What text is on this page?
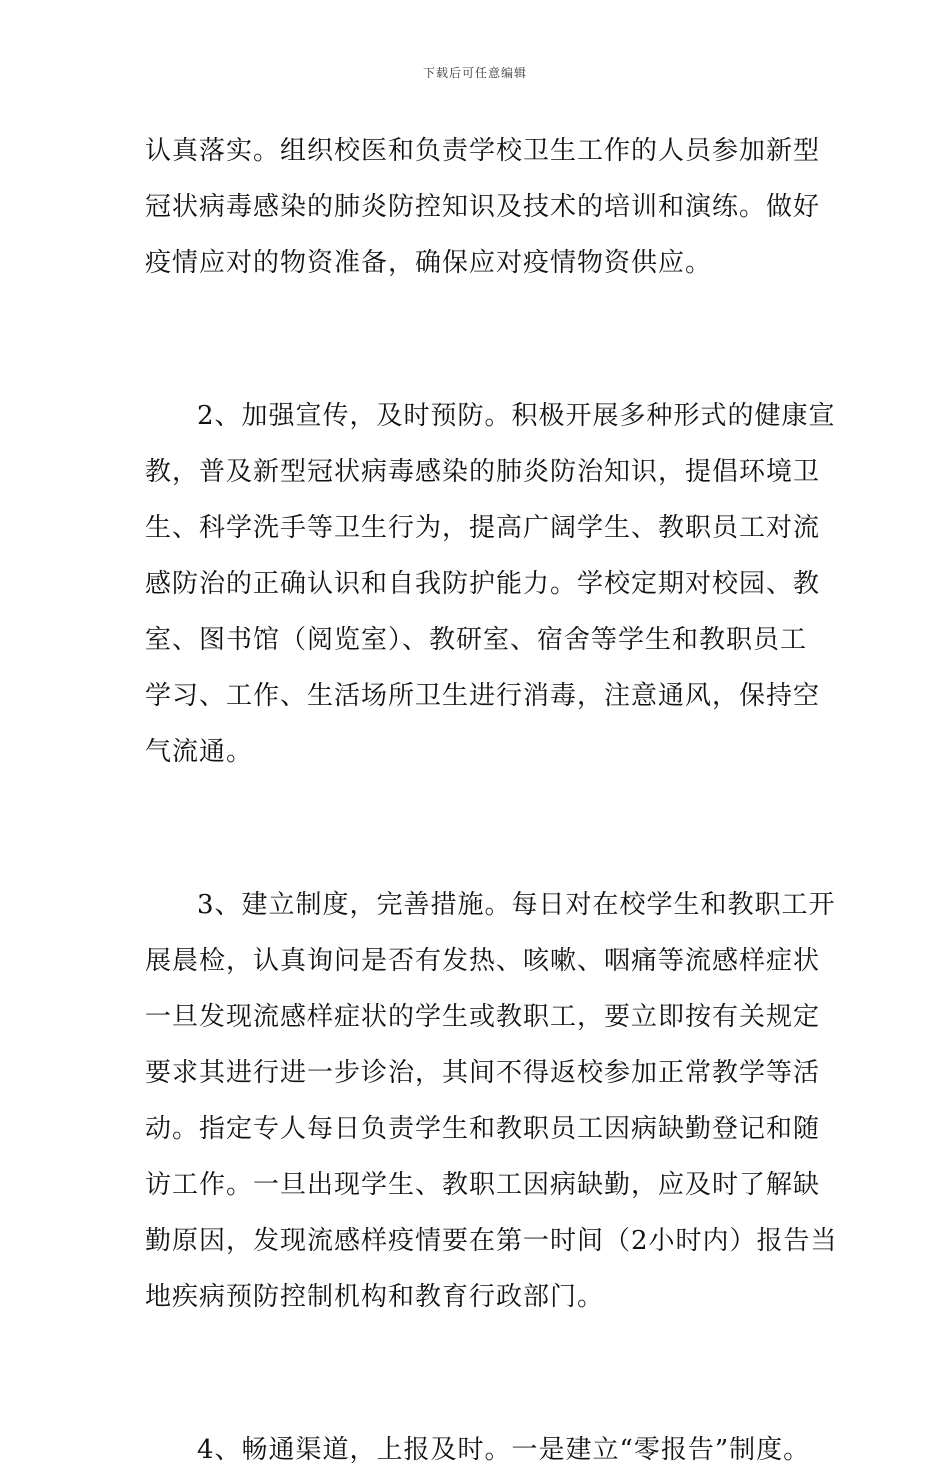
下载后可任意编辑
认真落实。组织校医和负责学校卫生工作的人员参加新型
冠状病毒感染的肺炎防控知识及技术的培训和演练。做好
疫情应对的物资准备，确保应对疫情物资供应。
2、加强宣传，及时预防。积极开展多种形式的健康宣
教，普及新型冠状病毒感染的肺炎防治知识，提倡环境卫
生、科学洗手等卫生行为，提高广阔学生、教职员工对流
感防治的正确认识和自我防护能力。学校定期对校园、教
室、图书馆（阅览室）、教研室、宿舍等学生和教职员工
学习、工作、生活场所卫生进行消毒，注意通风，保持空
气流通。
3、建立制度，完善措施。每日对在校学生和教职工开
展晨检，认真询问是否有发热、咳嗽、咽痛等流感样症状
一旦发现流感样症状的学生或教职工，要立即按有关规定
要求其进行进一步诊治，其间不得返校参加正常教学等活
动。指定专人每日负责学生和教职员工因病缺勤登记和随
访工作。一旦出现学生、教职工因病缺勤，应及时了解缺
勤原因，发现流感样疫情要在第一时间（2小时内）报告当
地疾病预防控制机构和教育行政部门。
4、畅通渠道，上报及时。一是建立“零报告”制度。
